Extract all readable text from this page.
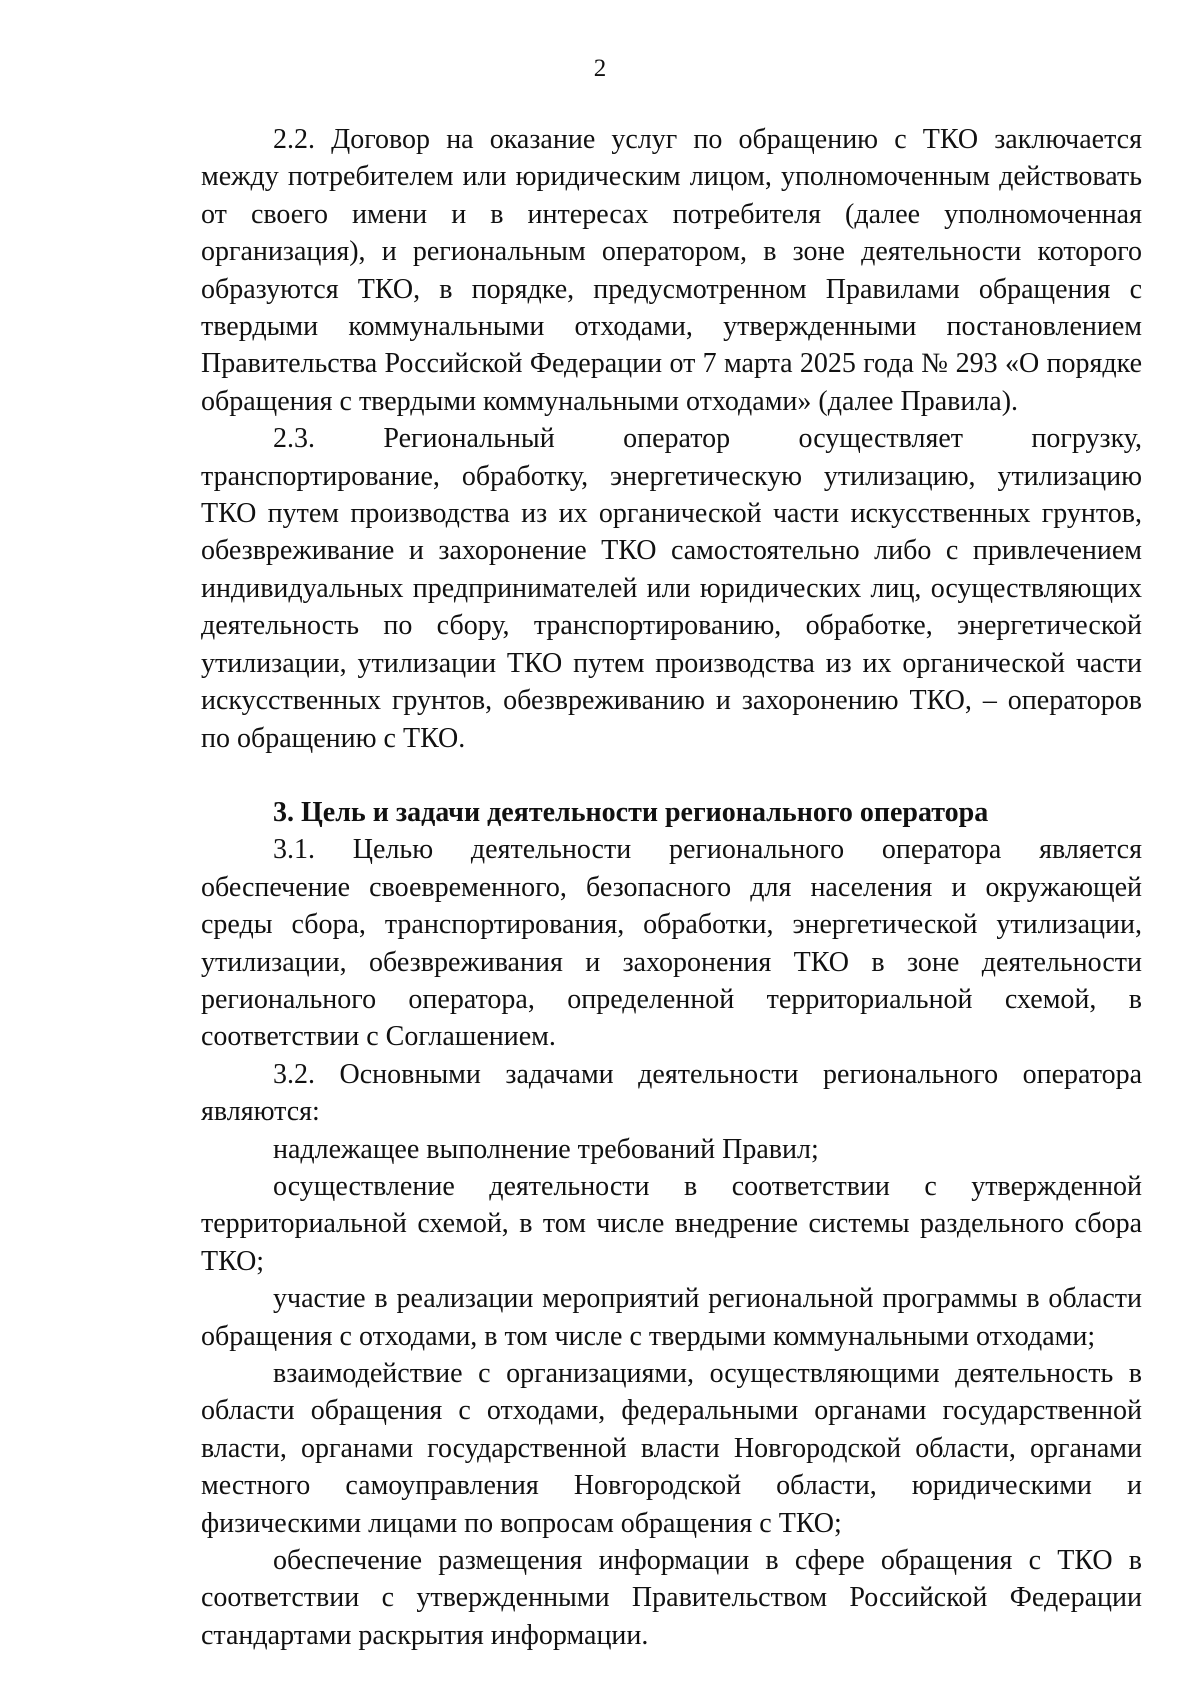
2

2.2. Договор на оказание услуг по обращению с ТКО заключается между потребителем или юридическим лицом, уполномоченным действовать от своего имени и в интересах потребителя (далее уполномоченная организация), и региональным оператором, в зоне деятельности которого образуются ТКО, в порядке, предусмотренном Правилами обращения с твердыми коммунальными отходами, утвержденными постановлением Правительства Российской Федерации от 7 марта 2025 года № 293 «О порядке обращения с твердыми коммунальными отходами» (далее Правила).

2.3. Региональный оператор осуществляет погрузку, транспортирование, обработку, энергетическую утилизацию, утилизацию ТКО путем производства из их органической части искусственных грунтов, обезвреживание и захоронение ТКО самостоятельно либо с привлечением индивидуальных предпринимателей или юридических лиц, осуществляющих деятельность по сбору, транспортированию, обработке, энергетической утилизации, утилизации ТКО путем производства из их органической части искусственных грунтов, обезвреживанию и захоронению ТКО, – операторов по обращению с ТКО.

3. Цель и задачи деятельности регионального оператора

3.1. Целью деятельности регионального оператора является обеспечение своевременного, безопасного для населения и окружающей среды сбора, транспортирования, обработки, энергетической утилизации, утилизации, обезвреживания и захоронения ТКО в зоне деятельности регионального оператора, определенной территориальной схемой, в соответствии с Соглашением.

3.2. Основными задачами деятельности регионального оператора являются:

надлежащее выполнение требований Правил;

осуществление деятельности в соответствии с утвержденной территориальной схемой, в том числе внедрение системы раздельного сбора ТКО;

участие в реализации мероприятий региональной программы в области обращения с отходами, в том числе с твердыми коммунальными отходами;

взаимодействие с организациями, осуществляющими деятельность в области обращения с отходами, федеральными органами государственной власти, органами государственной власти Новгородской области, органами местного самоуправления Новгородской области, юридическими и физическими лицами по вопросам обращения с ТКО;

обеспечение размещения информации в сфере обращения с ТКО в соответствии с утвержденными Правительством Российской Федерации стандартами раскрытия информации.
